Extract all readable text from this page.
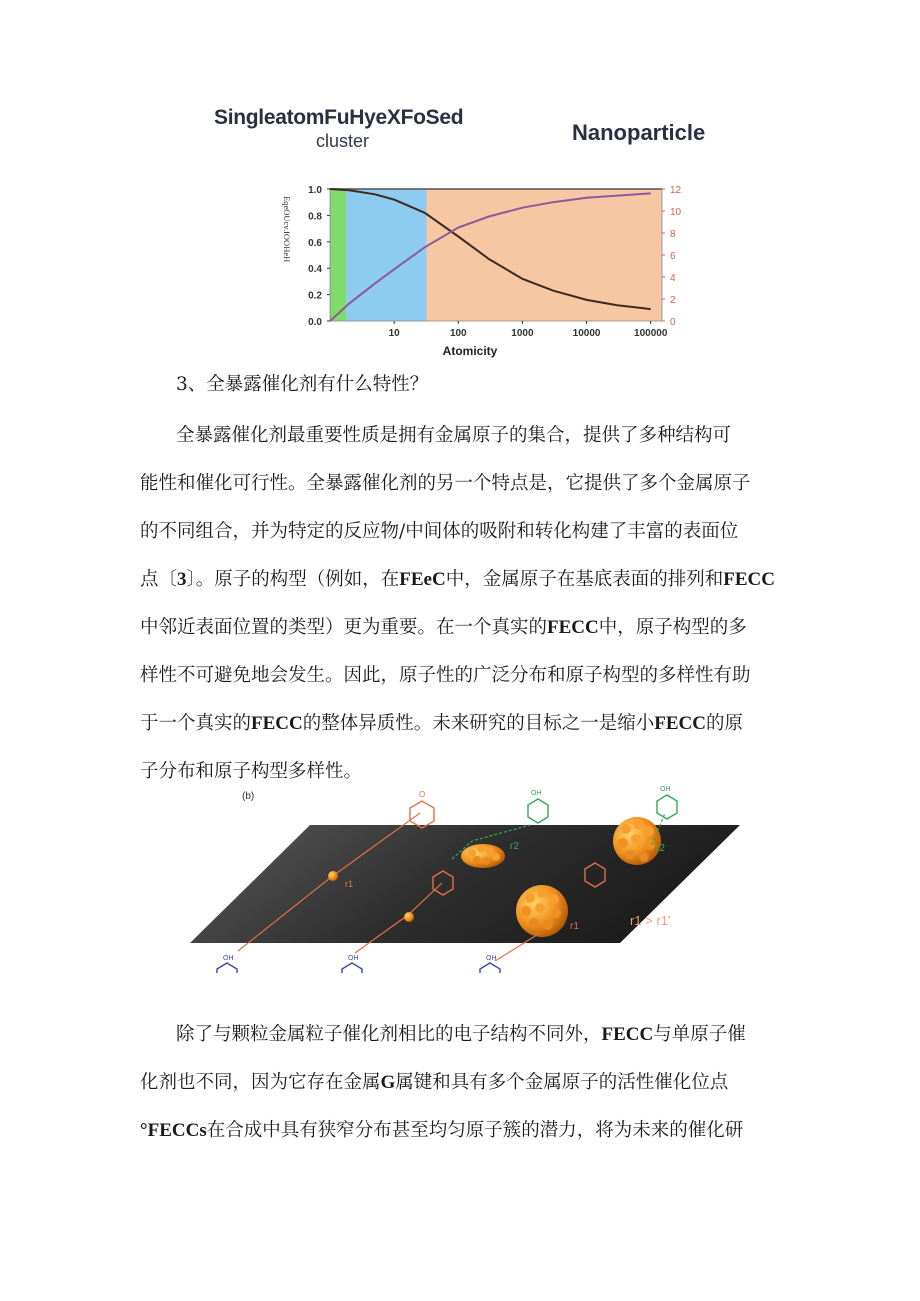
SingleatomFuHyeXFoSed
cluster	Nanoparticle
0.0
0.2
0.4
0.6
0.8
1.0
0
2
4
6
8
10
12
10	100	1000	10000	100000
Atomicity
EqeOUcv.IOOHeH
3、全暴露催化剂有什么特性？
全暴露催化剂最重要性质是拥有金属原子的集合，提供了多种结构可
能性和催化可行性。全暴露催化剂的另一个特点是，它提供了多个金属原子
的不同组合，并为特定的反应物/中间体的吸附和转化构建了丰富的表面位
点〔3〕。原子的构型（例如，在FEeC中，金属原子在基底表面的排列和FECC
中邻近表面位置的类型）更为重要。在一个真实的FECC中，原子构型的多
样性不可避免地会发生。因此，原子性的广泛分布和原子构型的多样性有助
于一个真实的FECC的整体异质性。未来研究的目标之一是缩小FECC的原
子分布和原子构型多样性。
(b)
r1
O
r2
OH
r1
r2
OH
r1 > r1'
OH	OH	OH
除了与颗粒金属粒子催化剂相比的电子结构不同外，FECC与单原子催
化剂也不同，因为它存在金属G属键和具有多个金属原子的活性催化位点
°FECCs在合成中具有狭窄分布甚至均匀原子簇的潜力，将为未来的催化研
